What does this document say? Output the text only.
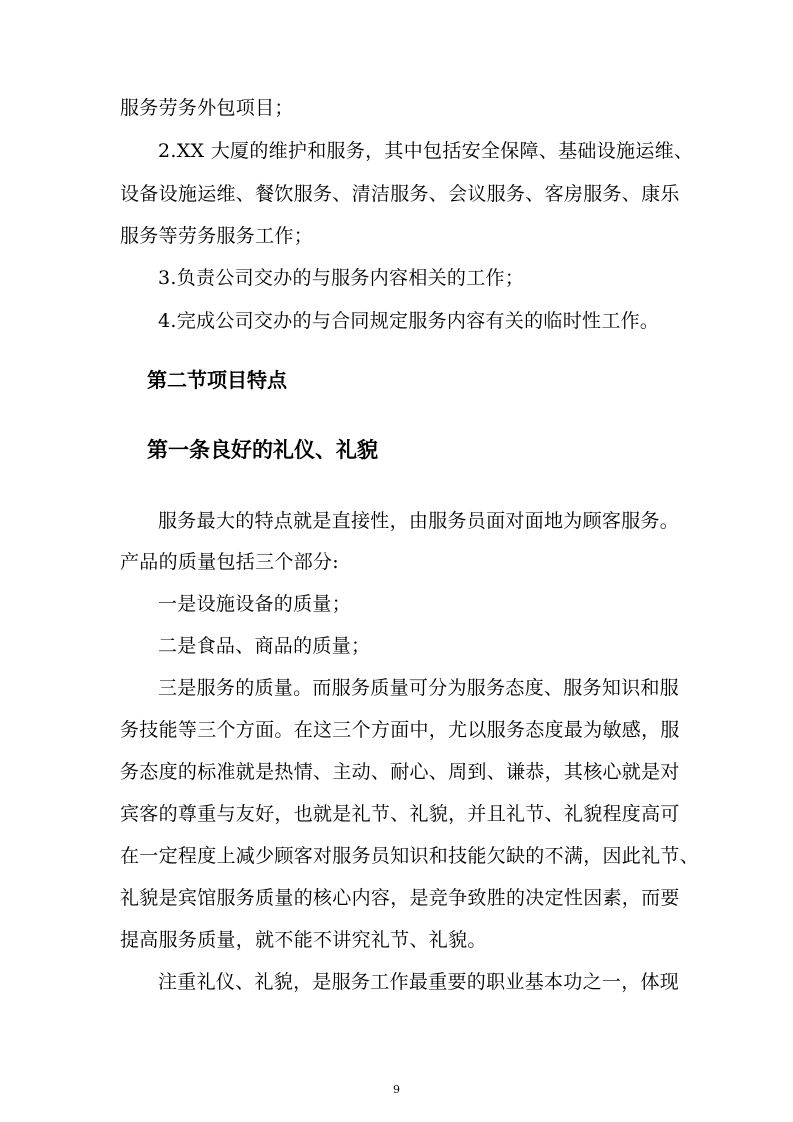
服务劳务外包项目；
2.XX 大厦的维护和服务，其中包括安全保障、基础设施运维、
设备设施运维、餐饮服务、清洁服务、会议服务、客房服务、康乐
服务等劳务服务工作；
3.负责公司交办的与服务内容相关的工作；
4.完成公司交办的与合同规定服务内容有关的临时性工作。
第二节项目特点
第一条良好的礼仪、礼貌
服务最大的特点就是直接性，由服务员面对面地为顾客服务。
产品的质量包括三个部分:
一是设施设备的质量；
二是食品、商品的质量；
三是服务的质量。而服务质量可分为服务态度、服务知识和服
务技能等三个方面。在这三个方面中，尤以服务态度最为敏感，服
务态度的标准就是热情、主动、耐心、周到、谦恭，其核心就是对
宾客的尊重与友好，也就是礼节、礼貌，并且礼节、礼貌程度高可
在一定程度上减少顾客对服务员知识和技能欠缺的不满，因此礼节、
礼貌是宾馆服务质量的核心内容，是竞争致胜的决定性因素，而要
提高服务质量，就不能不讲究礼节、礼貌。
注重礼仪、礼貌，是服务工作最重要的职业基本功之一，体现
9
